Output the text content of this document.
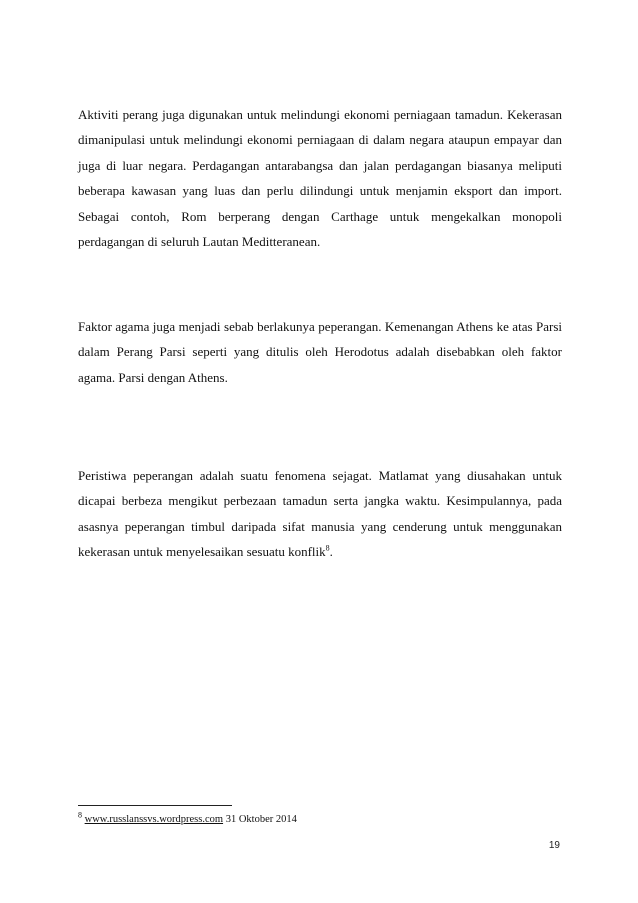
Aktiviti perang juga digunakan untuk melindungi ekonomi perniagaan tamadun. Kekerasan dimanipulasi untuk melindungi ekonomi perniagaan di dalam negara ataupun empayar dan juga di luar negara. Perdagangan antarabangsa dan jalan perdagangan biasanya meliputi beberapa kawasan yang luas dan perlu dilindungi untuk menjamin eksport dan import. Sebagai contoh, Rom berperang dengan Carthage untuk mengekalkan monopoli perdagangan di seluruh Lautan Meditteranean.

Faktor agama juga menjadi sebab berlakunya peperangan. Kemenangan Athens ke atas Parsi dalam Perang Parsi seperti yang ditulis oleh Herodotus adalah disebabkan oleh faktor agama. Parsi dengan Athens.

Peristiwa peperangan adalah suatu fenomena sejagat. Matlamat yang diusahakan untuk dicapai berbeza mengikut perbezaan tamadun serta jangka waktu. Kesimpulannya, pada asasnya peperangan timbul daripada sifat manusia yang cenderung untuk menggunakan kekerasan untuk menyelesaikan sesuatu konflik$^8$.

$^8$ www.russlanssvs.wordpress.com 31 Oktober 2014
19
